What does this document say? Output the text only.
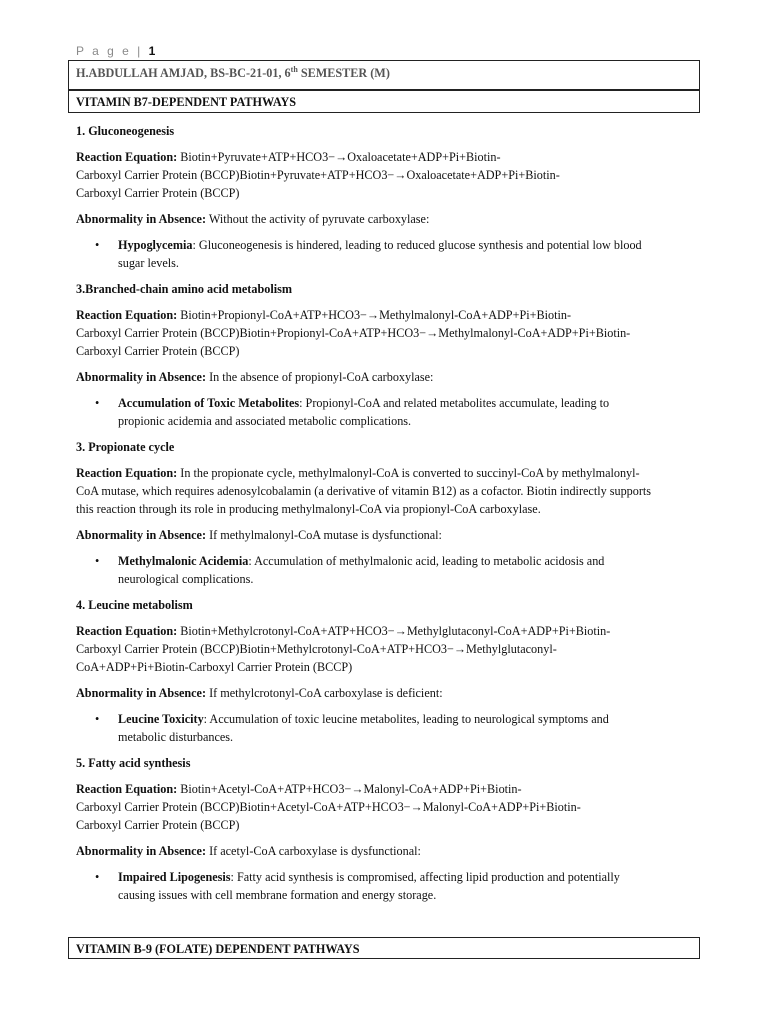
P a g e | 1
H.ABDULLAH AMJAD, BS-BC-21-01, 6th SEMESTER (M)
VITAMIN B7-DEPENDENT PATHWAYS
1. Gluconeogenesis
Reaction Equation: Biotin+Pyruvate+ATP+HCO3−→Oxaloacetate+ADP+Pi+Biotin-
Carboxyl Carrier Protein (BCCP)Biotin+Pyruvate+ATP+HCO3−→Oxaloacetate+ADP+Pi+Biotin-
Carboxyl Carrier Protein (BCCP)
Abnormality in Absence: Without the activity of pyruvate carboxylase:
• Hypoglycemia: Gluconeogenesis is hindered, leading to reduced glucose synthesis and potential low blood
sugar levels.
3.Branched-chain amino acid metabolism
Reaction Equation: Biotin+Propionyl-CoA+ATP+HCO3−→Methylmalonyl-CoA+ADP+Pi+Biotin-
Carboxyl Carrier Protein (BCCP)Biotin+Propionyl-CoA+ATP+HCO3−→Methylmalonyl-CoA+ADP+Pi+Biotin-
Carboxyl Carrier Protein (BCCP)
Abnormality in Absence: In the absence of propionyl-CoA carboxylase:
• Accumulation of Toxic Metabolites: Propionyl-CoA and related metabolites accumulate, leading to
propionic acidemia and associated metabolic complications.
3. Propionate cycle
Reaction Equation: In the propionate cycle, methylmalonyl-CoA is converted to succinyl-CoA by methylmalonyl-
CoA mutase, which requires adenosylcobalamin (a derivative of vitamin B12) as a cofactor. Biotin indirectly supports
this reaction through its role in producing methylmalonyl-CoA via propionyl-CoA carboxylase.
Abnormality in Absence: If methylmalonyl-CoA mutase is dysfunctional:
• Methylmalonic Acidemia: Accumulation of methylmalonic acid, leading to metabolic acidosis and
neurological complications.
4. Leucine metabolism
Reaction Equation: Biotin+Methylcrotonyl-CoA+ATP+HCO3−→Methylglutaconyl-CoA+ADP+Pi+Biotin-
Carboxyl Carrier Protein (BCCP)Biotin+Methylcrotonyl-CoA+ATP+HCO3−→Methylglutaconyl-
CoA+ADP+Pi+Biotin-Carboxyl Carrier Protein (BCCP)
Abnormality in Absence: If methylcrotonyl-CoA carboxylase is deficient:
• Leucine Toxicity: Accumulation of toxic leucine metabolites, leading to neurological symptoms and
metabolic disturbances.
5. Fatty acid synthesis
Reaction Equation: Biotin+Acetyl-CoA+ATP+HCO3−→Malonyl-CoA+ADP+Pi+Biotin-
Carboxyl Carrier Protein (BCCP)Biotin+Acetyl-CoA+ATP+HCO3−→Malonyl-CoA+ADP+Pi+Biotin-
Carboxyl Carrier Protein (BCCP)
Abnormality in Absence: If acetyl-CoA carboxylase is dysfunctional:
• Impaired Lipogenesis: Fatty acid synthesis is compromised, affecting lipid production and potentially
causing issues with cell membrane formation and energy storage.
VITAMIN B-9 (FOLATE) DEPENDENT PATHWAYS
